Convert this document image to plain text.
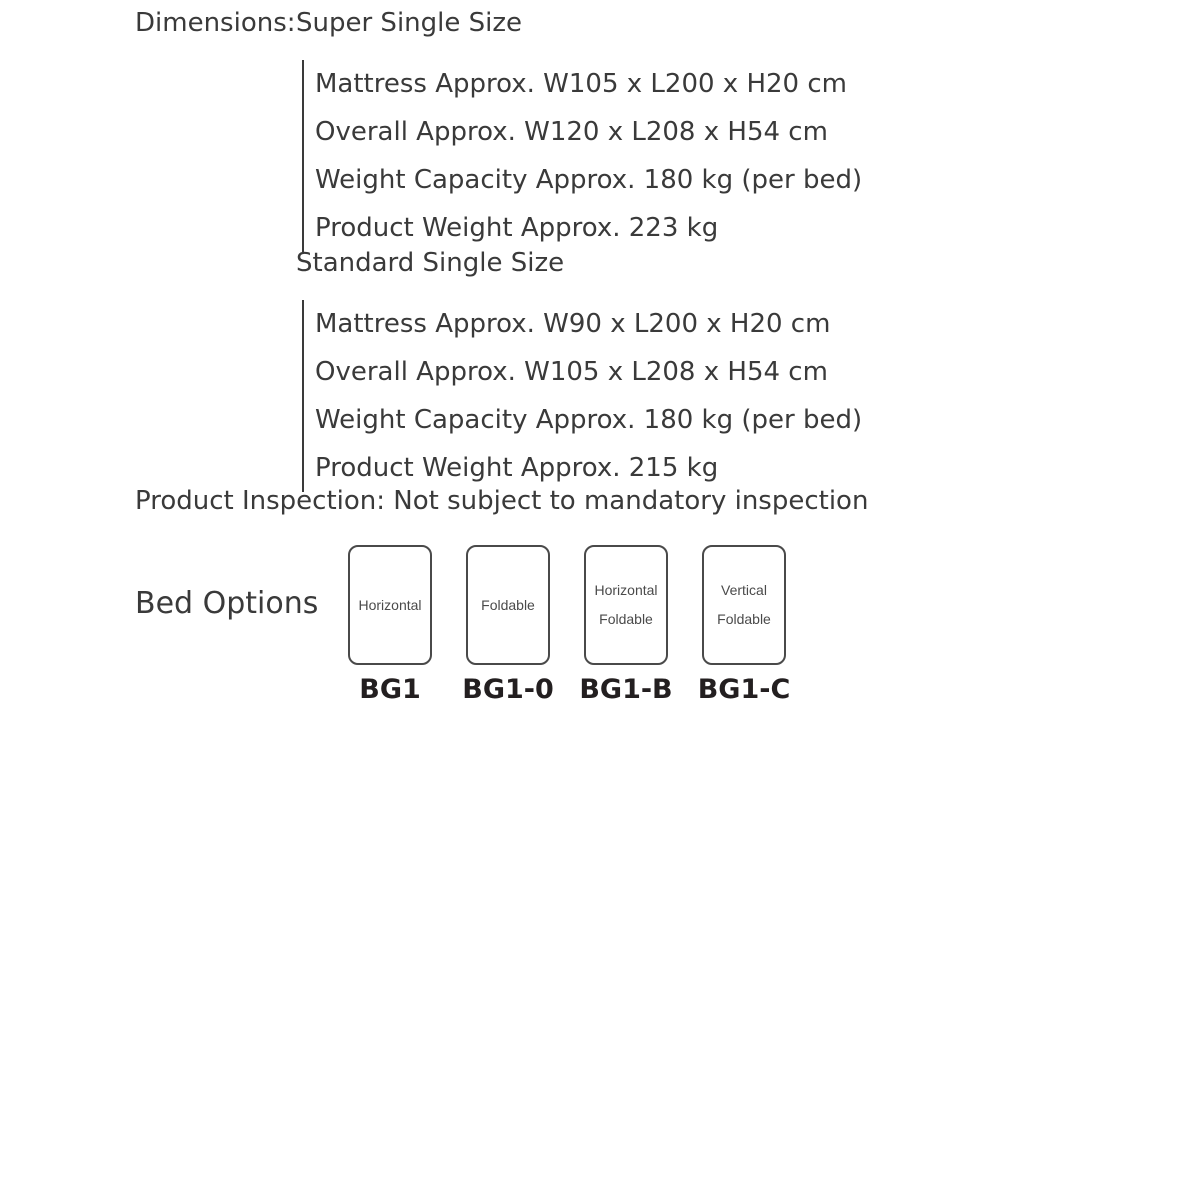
Dimensions: Super Single Size
Mattress Approx. W105 x L200 x H20 cm
Overall Approx. W120 x L208 x H54 cm
Weight Capacity Approx. 180 kg (per bed)
Product Weight Approx. 223 kg
Standard Single Size
Mattress Approx. W90 x L200 x H20 cm
Overall Approx. W105 x L208 x H54 cm
Weight Capacity Approx. 180 kg (per bed)
Product Weight Approx. 215 kg
Product Inspection: Not subject to mandatory inspection
Bed Options	Horizontal
BG1
Foldable
BG1-0
Horizontal
Foldable
BG1-B
Vertical
Foldable
BG1-C
